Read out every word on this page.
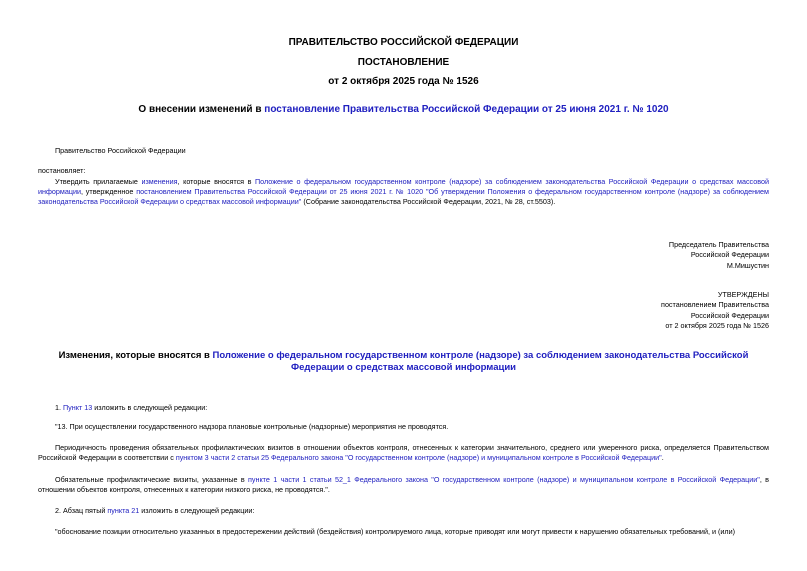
ПРАВИТЕЛЬСТВО РОССИЙСКОЙ ФЕДЕРАЦИИ
ПОСТАНОВЛЕНИЕ
от 2 октября 2025 года № 1526
О внесении изменений в постановление Правительства Российской Федерации от 25 июня 2021 г. № 1020
Правительство Российской Федерации
постановляет:
Утвердить прилагаемые изменения, которые вносятся в Положение о федеральном государственном контроле (надзоре) за соблюдением законодательства Российской Федерации о средствах массовой информации, утвержденное постановлением Правительства Российской Федерации от 25 июня 2021 г. № 1020 "Об утверждении Положения о федеральном государственном контроле (надзоре) за соблюдением законодательства Российской Федерации о средствах массовой информации" (Собрание законодательства Российской Федерации, 2021, № 28, ст.5503).
Председатель Правительства
Российской Федерации
М.Мишустин
УТВЕРЖДЕНЫ
постановлением Правительства
Российской Федерации
от 2 октября 2025 года № 1526
Изменения, которые вносятся в Положение о федеральном государственном контроле (надзоре) за соблюдением законодательства Российской Федерации о средствах массовой информации
1. Пункт 13 изложить в следующей редакции:
"13. При осуществлении государственного надзора плановые контрольные (надзорные) мероприятия не проводятся.
Периодичность проведения обязательных профилактических визитов в отношении объектов контроля, отнесенных к категории значительного, среднего или умеренного риска, определяется Правительством Российской Федерации в соответствии с пунктом 3 части 2 статьи 25 Федерального закона "О государственном контроле (надзоре) и муниципальном контроле в Российской Федерации".
Обязательные профилактические визиты, указанные в пункте 1 части 1 статьи 52_1 Федерального закона "О государственном контроле (надзоре) и муниципальном контроле в Российской Федерации", в отношении объектов контроля, отнесенных к категории низкого риска, не проводятся.".
2. Абзац пятый пункта 21 изложить в следующей редакции:
"обоснование позиции относительно указанных в предостережении действий (бездействия) контролируемого лица, которые приводят или могут привести к нарушению обязательных требований, и (или)
